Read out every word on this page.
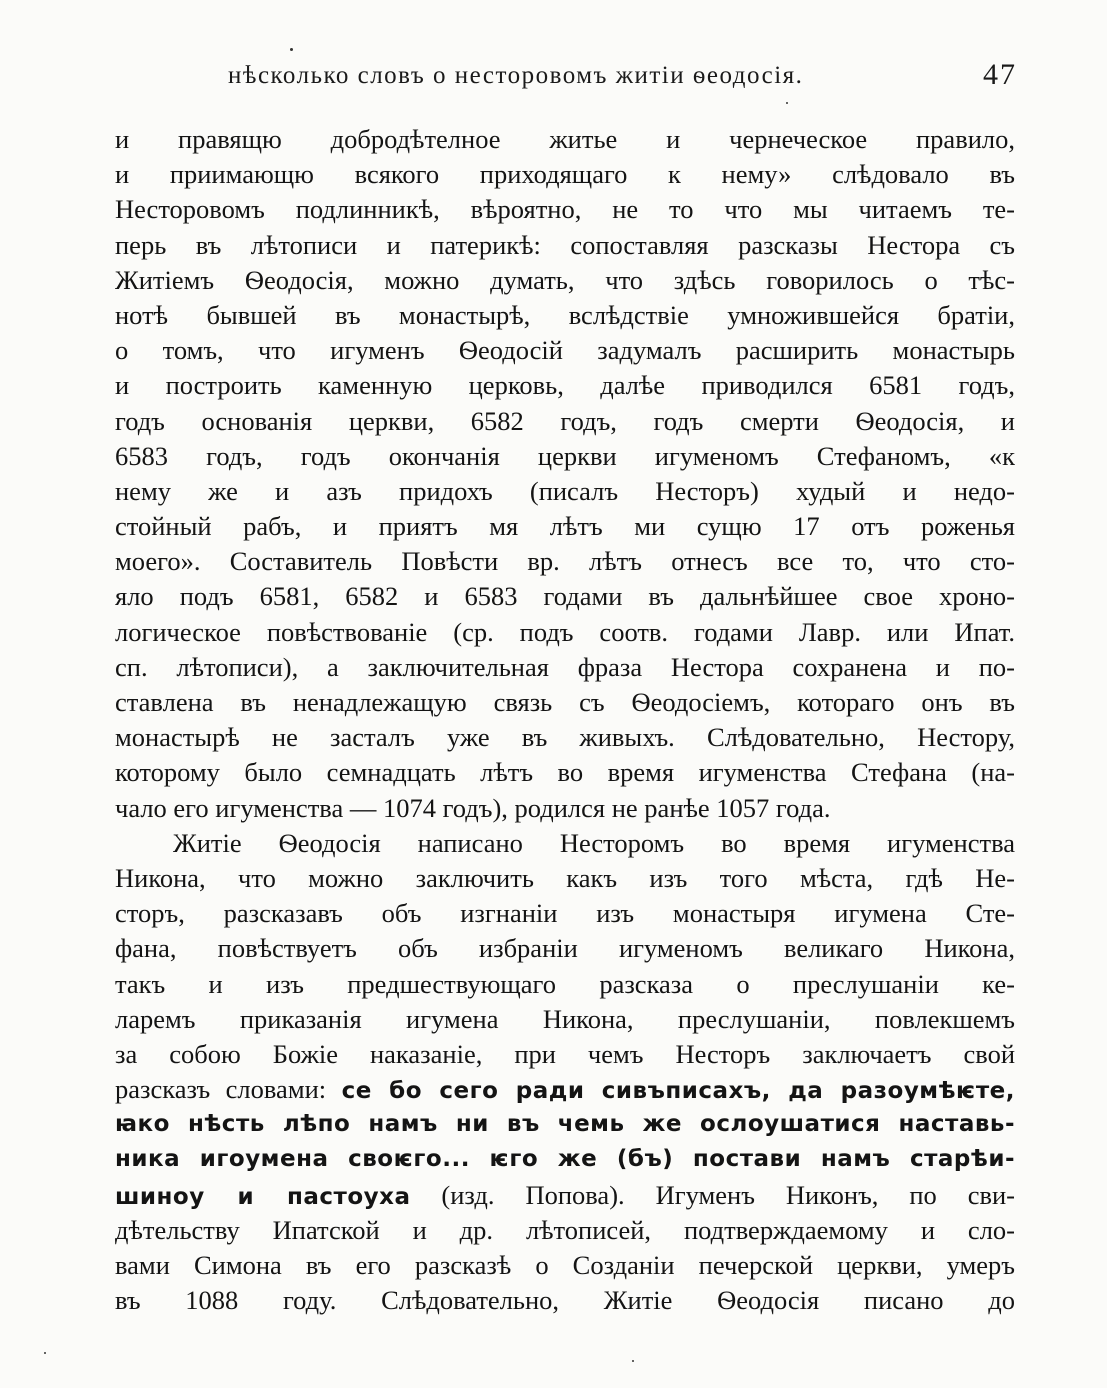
нѣсколько словъ о несторовомъ житіи ѳеодосія.	47
и правящю добродѣтелное житье и чернеческое правило,
и приимающю всякого приходящаго к нему» слѣдовало въ
Несторовомъ подлинникѣ, вѣроятно, не то что мы читаемъ те-
перь въ лѣтописи и патерикѣ: сопоставляя разсказы Нестора съ
Житіемъ Ѳеодосія, можно думать, что здѣсь говорилось о тѣс-
нотѣ бывшей въ монастырѣ, вслѣдствіе умножившейся братіи,
о томъ, что игуменъ Ѳеодосій задумалъ расширить монастырь
и построить каменную церковь, далѣе приводился 6581 годъ,
годъ основанія церкви, 6582 годъ, годъ смерти Ѳеодосія, и
6583 годъ, годъ окончанія церкви игуменомъ Стефаномъ, «к
нему же и азъ придохъ (писалъ Несторъ) худый и недо-
стойный рабъ, и приятъ мя лѣтъ ми сущю 17 отъ роженья
моего». Составитель Повѣсти вр. лѣтъ отнесъ все то, что сто-
яло подъ 6581, 6582 и 6583 годами въ дальнѣйшее свое хроно-
логическое повѣствованіе (ср. подъ соотв. годами Лавр. или Ипат.
сп. лѣтописи), а заключительная фраза Нестора сохранена и по-
ставлена въ ненадлежащую связь съ Ѳеодосіемъ, котораго онъ въ
монастырѣ не засталъ уже въ живыхъ. Слѣдовательно, Нестору,
которому было семнадцать лѣтъ во время игуменства Стефана (на-
чало его игуменства — 1074 годъ), родился не ранѣе 1057 года.
Житіе Ѳеодосія написано Несторомъ во время игуменства
Никона, что можно заключить какъ изъ того мѣста, гдѣ Не-
сторъ, разсказавъ объ изгнаніи изъ монастыря игумена Сте-
фана, повѣствуетъ объ избраніи игуменомъ великаго Никона,
такъ и изъ предшествующаго разсказа о преслушаніи ке-
ларемъ приказанія игумена Никона, преслушаніи, повлекшемъ
за собою Божіе наказаніе, при чемъ Несторъ заключаетъ свой
разсказъ словами: се бо сего ради сивъписахъ, да разоумѣѥте,
ꙗко нѣсть лѣпо намъ ни въ чемь же ослоушатися наставь-
ника игоумена своѥго... ѥго же (бъ) постави намъ старѣи-
шиноу и пастоуха (изд. Попова). Игуменъ Никонъ, по сви-
дѣтельству Ипатской и др. лѣтописей, подтверждаемому и сло-
вами Симона въ его разсказѣ о Созданіи печерской церкви, умеръ
въ 1088 году. Слѣдовательно, Житіе Ѳеодосія писано до
